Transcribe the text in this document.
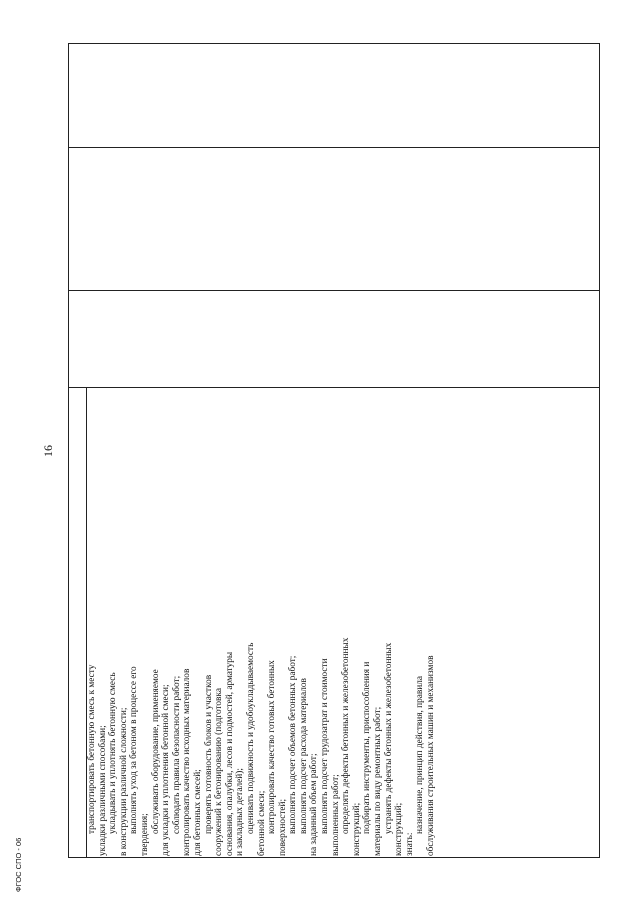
16
транспортировать бетонную смесь к месту укладки различными способами; укладывать и уплотнять бетонную смесь в конструкции различной сложности; выполнять уход за бетоном в процессе его
твердения;
обслуживать оборудование, применяемое для укладки и уплотнения бетонной смеси; соблюдать правила безопасности работ; контролировать качество исходных материалов для бетонных смесей; проверять готовность блоков и участков сооружений к бетонированию (подготовка основания, опалубки, лесов и подмостей, арматуры и закладных деталей); оценивать подвижность и удобоукладываемость бетонной смеси; контролировать качество готовых бетонных поверхностей; выполнять подсчет объемов бетонных работ; выполнять подсчет расхода материалов на заданный объем работ; выполнять подсчет трудозатрат и стоимости выполненных работ; определять дефекты бетонных и железобетонных конструкций; подбирать инструменты, приспособления и материалы по виду ремонтных работ; устранять дефекты бетонных и железобетонных конструкций; знать:
назначение, принцип действия, правила обслуживания строительных машин и механизмов
ФГОС СПО - 06
